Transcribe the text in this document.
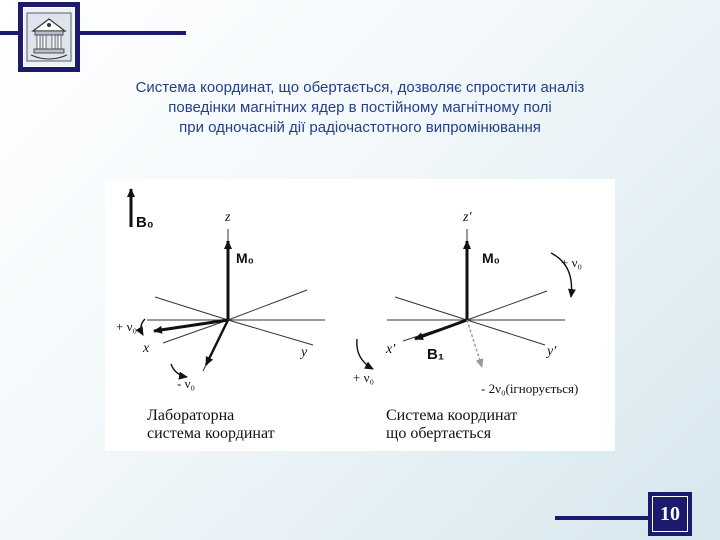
Система координат, що обертається, дозволяє спростити аналіз
поведінки магнітних ядер в постійному магнітному полі
при одночасній дії радіочастотного випромінювання
B₀	z
M₀
+ ν₀
x	y
- ν₀
Лабораторна
система координат
z′
M₀	+ ν₀
x′ B₁	y′
+ ν₀
- 2ν₀(ігнорується)
Система координат
що обертається
10
